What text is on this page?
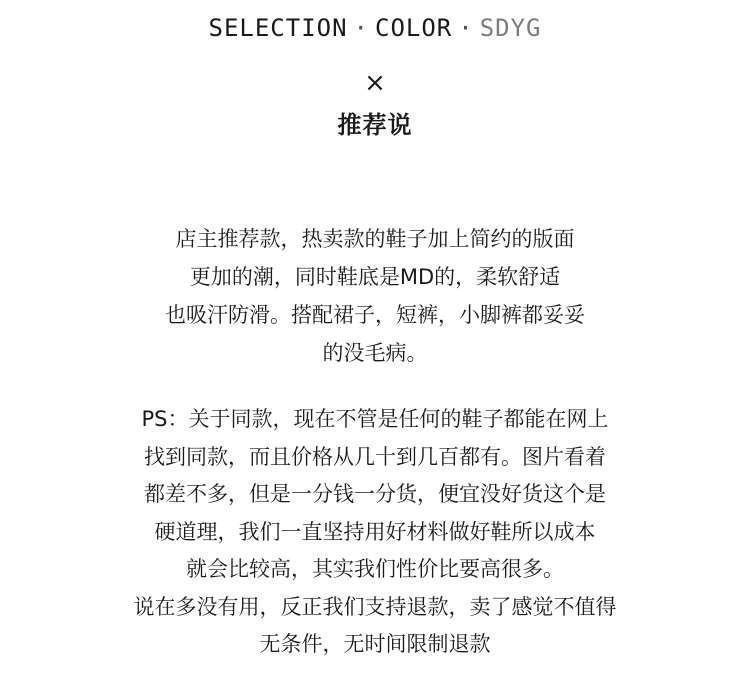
SELECTION · COLOR · SDYG
×
推荐说
店主推荐款，热卖款的鞋子加上简约的版面
更加的潮，同时鞋底是MD的，柔软舒适
也吸汗防滑。搭配裙子，短裤，小脚裤都妥妥
的没毛病。
PS：关于同款，现在不管是任何的鞋子都能在网上
找到同款，而且价格从几十到几百都有。图片看着
都差不多，但是一分钱一分货，便宜没好货这个是
硬道理，我们一直坚持用好材料做好鞋所以成本
就会比较高，其实我们性价比要高很多。
说在多没有用，反正我们支持退款，卖了感觉不值得
无条件，无时间限制退款
